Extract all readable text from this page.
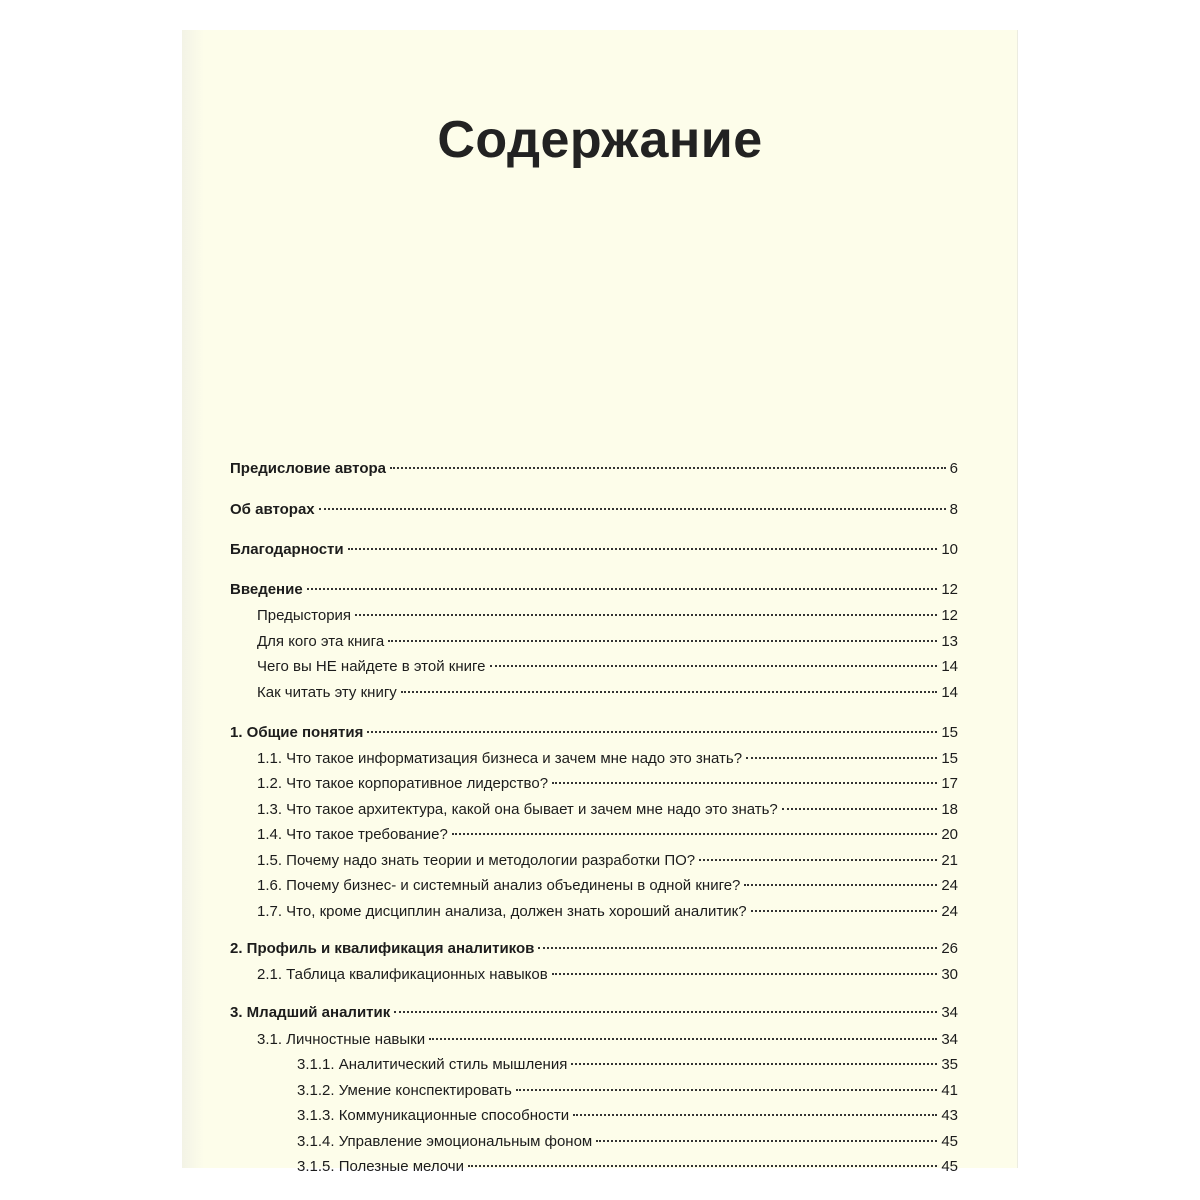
Содержание
Предисловие автора	6
Об авторах	8
Благодарности	10
Введение	12
Предыстория	12
Для кого эта книга	13
Чего вы НЕ найдете в этой книге	14
Как читать эту книгу	14
1. Общие понятия	15
1.1. Что такое информатизация бизнеса и зачем мне надо это знать?	15
1.2. Что такое корпоративное лидерство?	17
1.3. Что такое архитектура, какой она бывает и зачем мне надо это знать?	18
1.4. Что такое требование?	20
1.5. Почему надо знать теории и методологии разработки ПО?	21
1.6. Почему бизнес- и системный анализ объединены в одной книге?	24
1.7. Что, кроме дисциплин анализа, должен знать хороший аналитик?	24
2. Профиль и квалификация аналитиков	26
2.1. Таблица квалификационных навыков	30
3. Младший аналитик	34
3.1. Личностные навыки	34
3.1.1. Аналитический стиль мышления	35
3.1.2. Умение конспектировать	41
3.1.3. Коммуникационные способности	43
3.1.4. Управление эмоциональным фоном	45
3.1.5. Полезные мелочи	45
